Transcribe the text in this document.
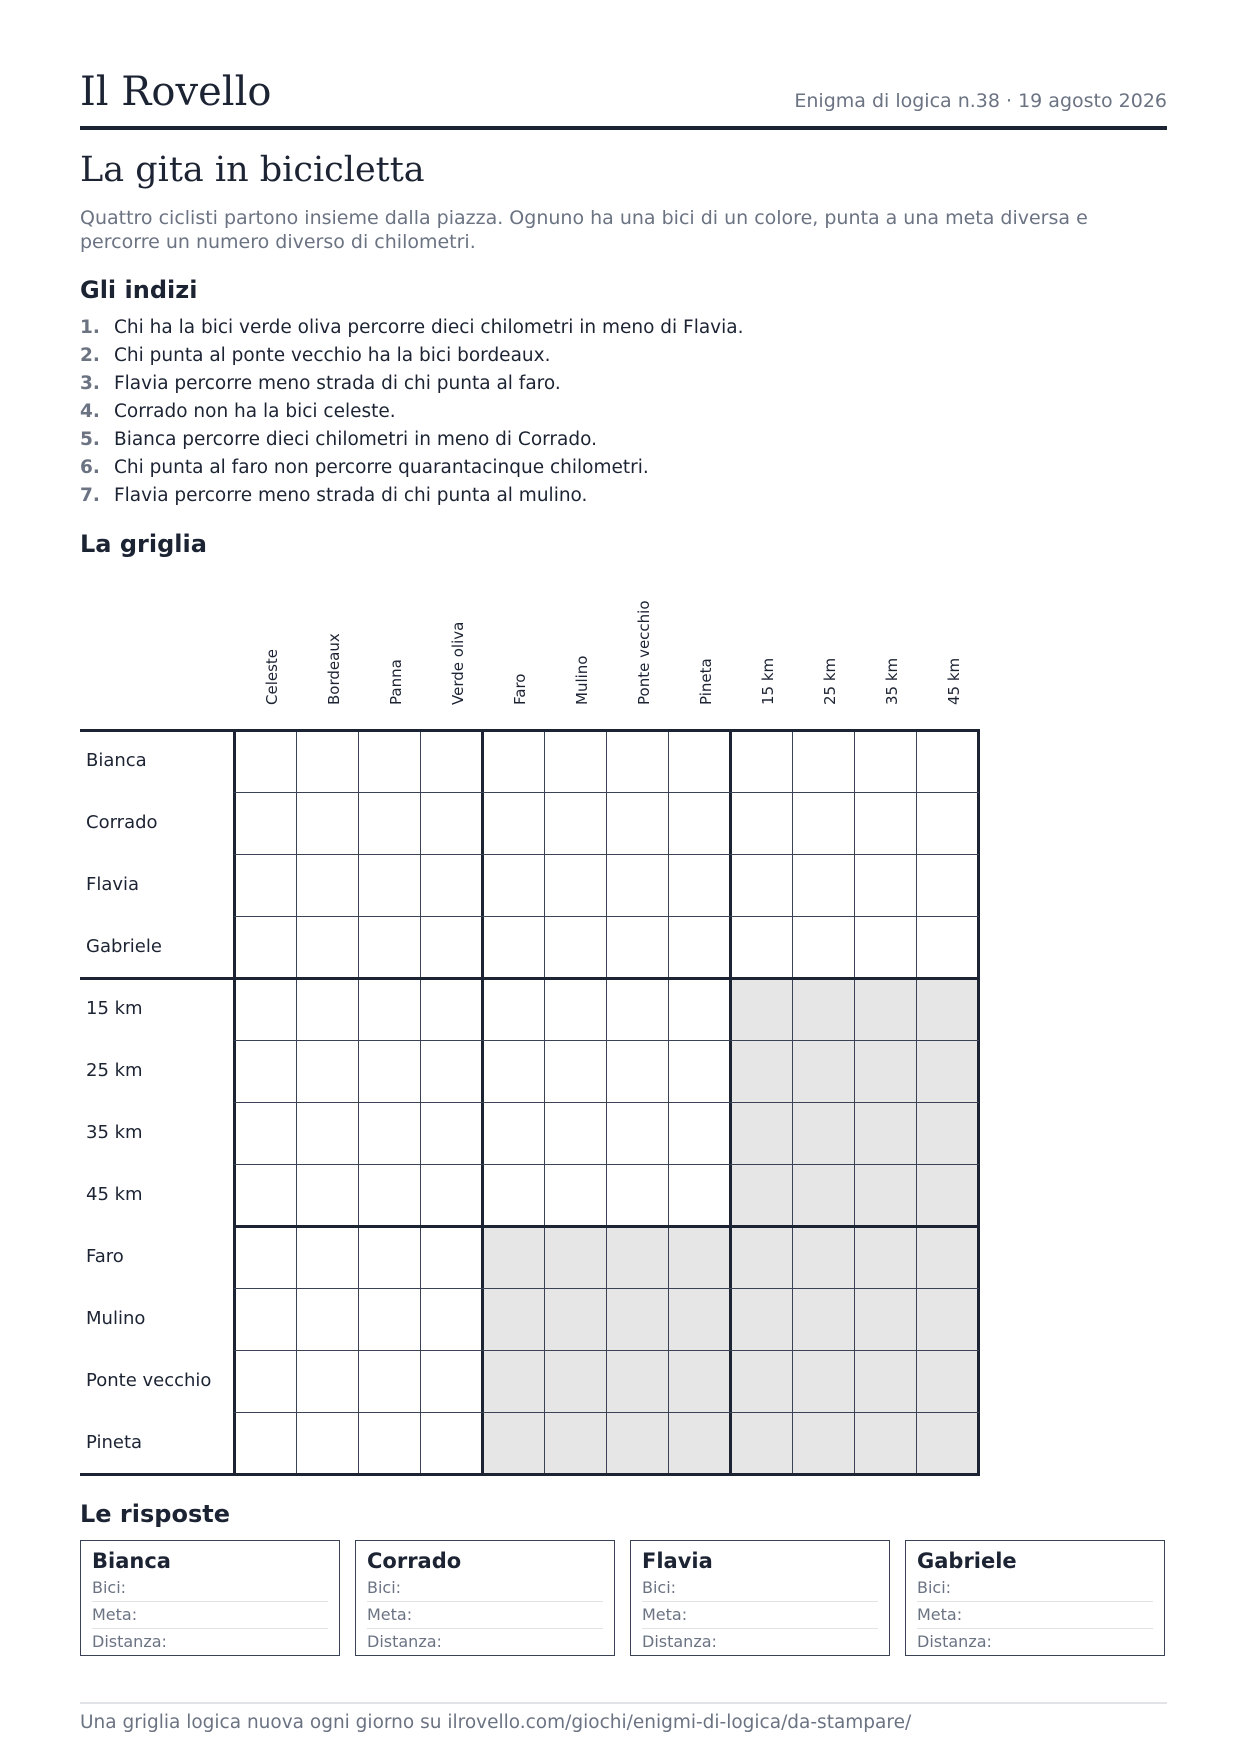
Il Rovello	Enigma di logica n.38 · 19 agosto 2026
La gita in bicicletta

Quattro ciclisti partono insieme dalla piazza. Ognuno ha una bici di un colore, punta a una meta diversa e percorre un numero diverso di chilometri.

Gli indizi
1. Chi ha la bici verde oliva percorre dieci chilometri in meno di Flavia.
2. Chi punta al ponte vecchio ha la bici bordeaux.
3. Flavia percorre meno strada di chi punta al faro.
4. Corrado non ha la bici celeste.
5. Bianca percorre dieci chilometri in meno di Corrado.
6. Chi punta al faro non percorre quarantacinque chilometri.
7. Flavia percorre meno strada di chi punta al mulino.
La griglia
Celeste	Bordeaux	Panna	Verde oliva	Faro	Mulino	Ponte vecchio	Pineta	15 km	25 km	35 km	45 km
Bianca
Corrado
Flavia
Gabriele
15 km
25 km
35 km
45 km
Faro
Mulino
Ponte vecchio
Pineta
Le risposte
Bianca
Bici:
Meta:
Distanza:
Corrado
Bici:
Meta:
Distanza:
Flavia
Bici:
Meta:
Distanza:
Gabriele
Bici:
Meta:
Distanza:
Una griglia logica nuova ogni giorno su ilrovello.com/giochi/enigmi-di-logica/da-stampare/
